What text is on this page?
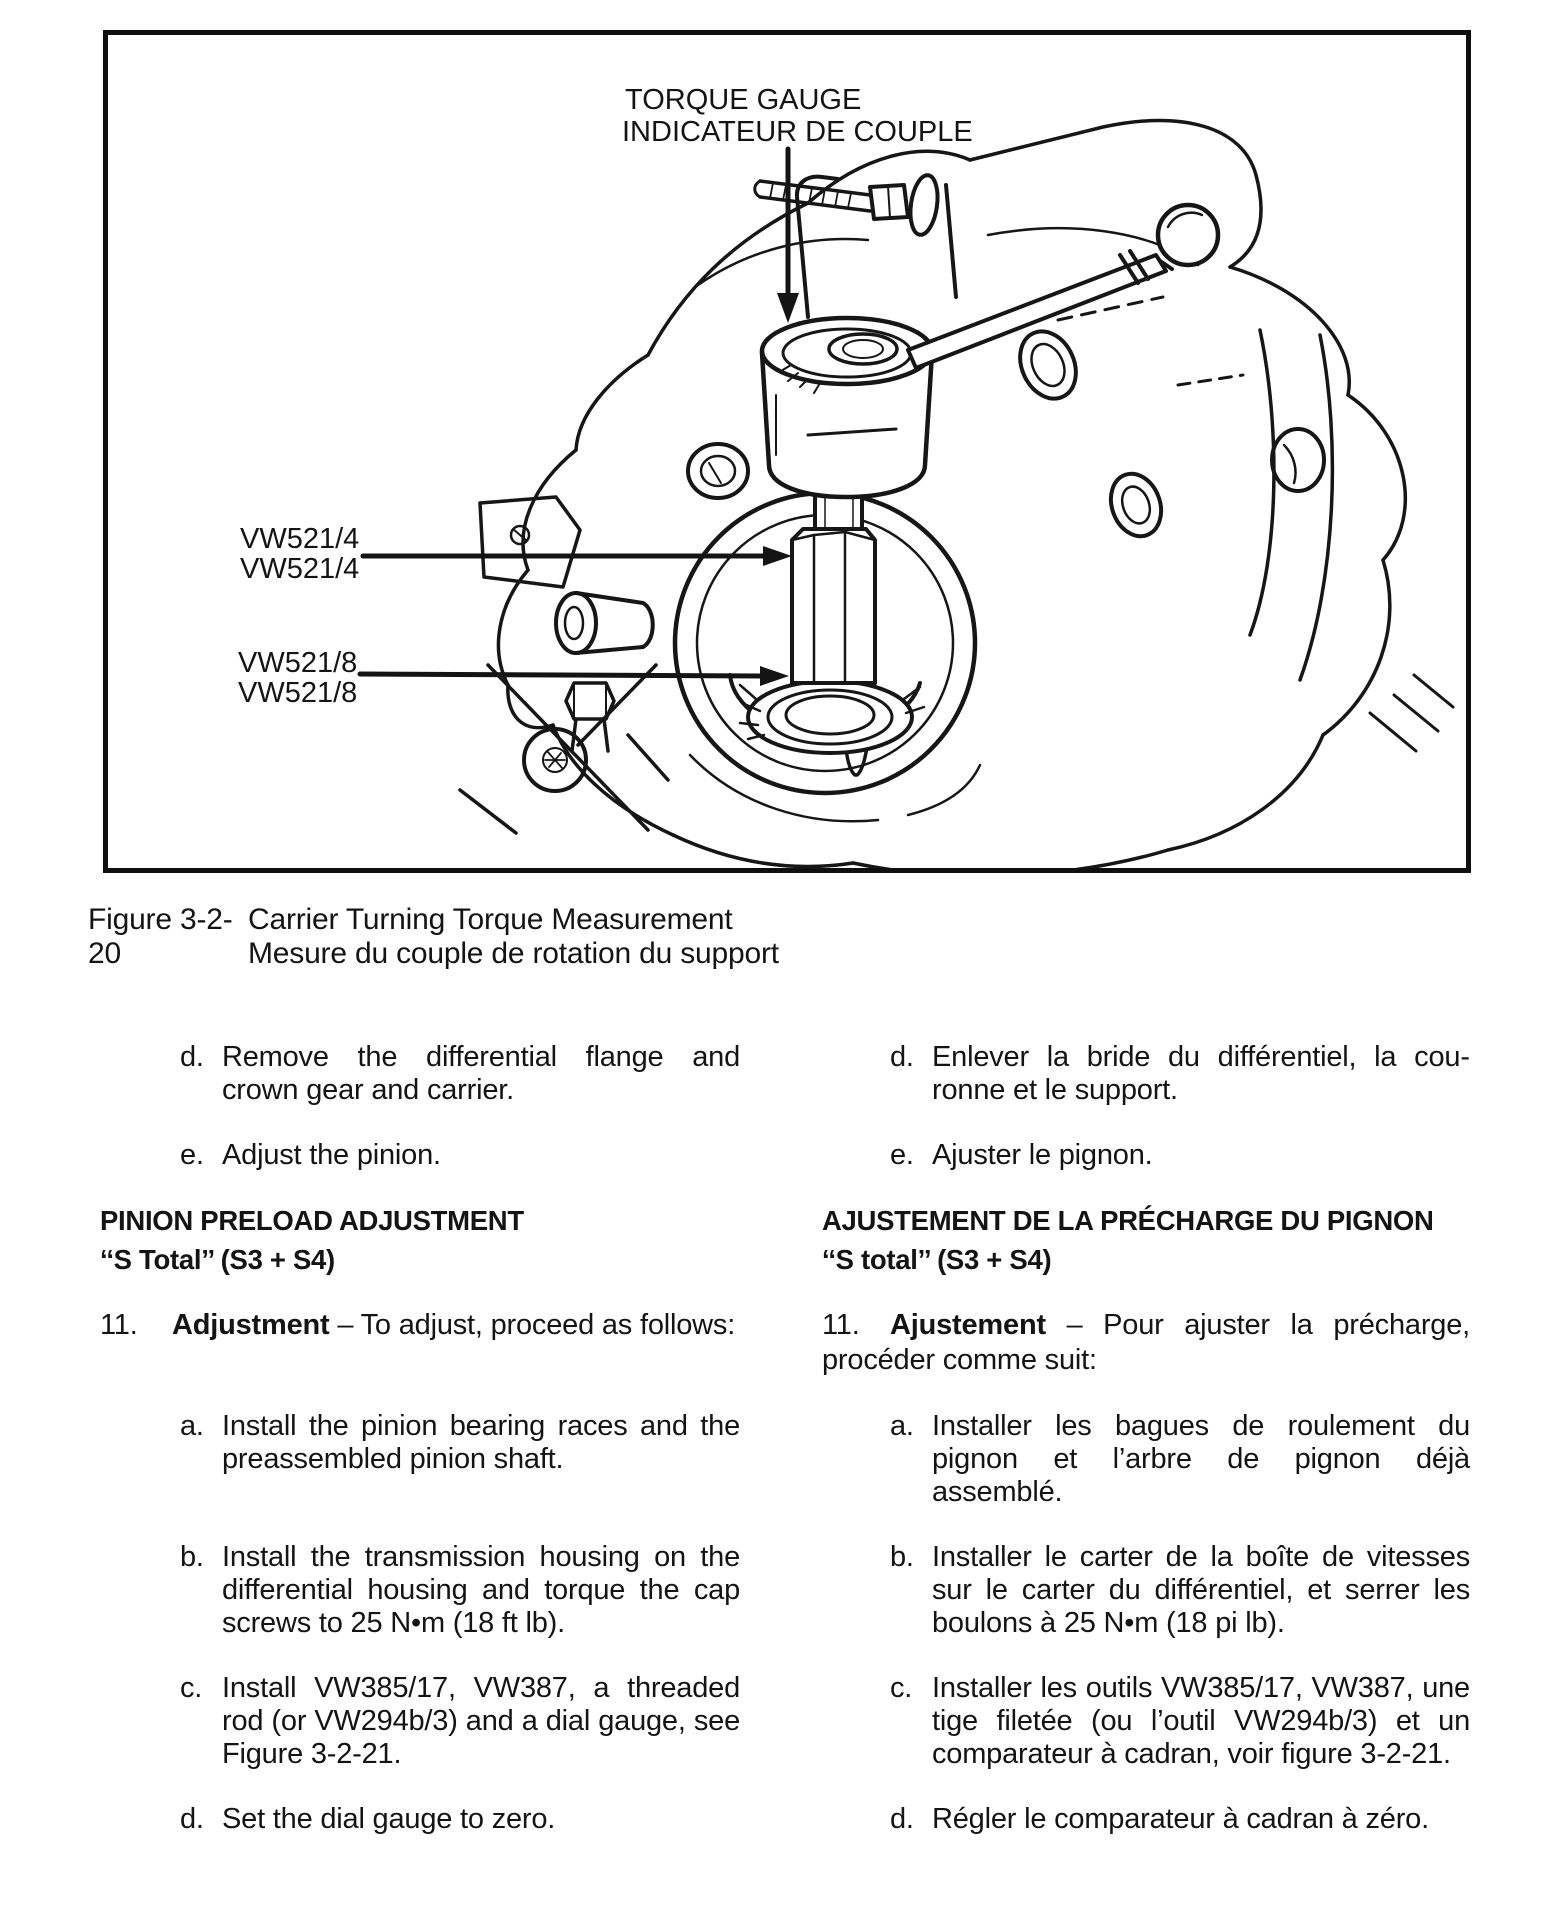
TORQUE GAUGE
INDICATEUR DE COUPLE
VW521/4
VW521/4
VW521/8
VW521/8
Figure 3-2-20
Carrier Turning Torque Measurement
Mesure du couple de rotation du support
d. Remove the differential flange and crown gear and carrier.
d. Enlever la bride du différentiel, la couronne et le support.
e. Adjust the pinion.	e. Ajuster le pignon.
PINION PRELOAD ADJUSTMENT
‘‘S Total’’ (S3 + S4)
AJUSTEMENT DE LA PRÉCHARGE DU PIGNON
‘‘S total’’ (S3 + S4)

11. Adjustment – To adjust, proceed as follows:	11. Ajustement – Pour ajuster la précharge, procéder comme suit:

a. Install the pinion bearing races and the preassembled pinion shaft.
a. Installer les bagues de roulement du pignon et l’arbre de pignon déjà assemblé.
b. Install the transmission housing on the differential housing and torque the cap screws to 25 N•m (18 ft lb).
b. Installer le carter de la boîte de vitesses sur le carter du différentiel, et serrer les boulons à 25 N•m (18 pi lb).
c. Install VW385/17, VW387, a threaded rod (or VW294b/3) and a dial gauge, see Figure 3-2-21.
c. Installer les outils VW385/17, VW387, une tige filetée (ou l’outil VW294b/3) et un comparateur à cadran, voir figure 3-2-21.
d. Set the dial gauge to zero.	d. Régler le comparateur à cadran à zéro.
